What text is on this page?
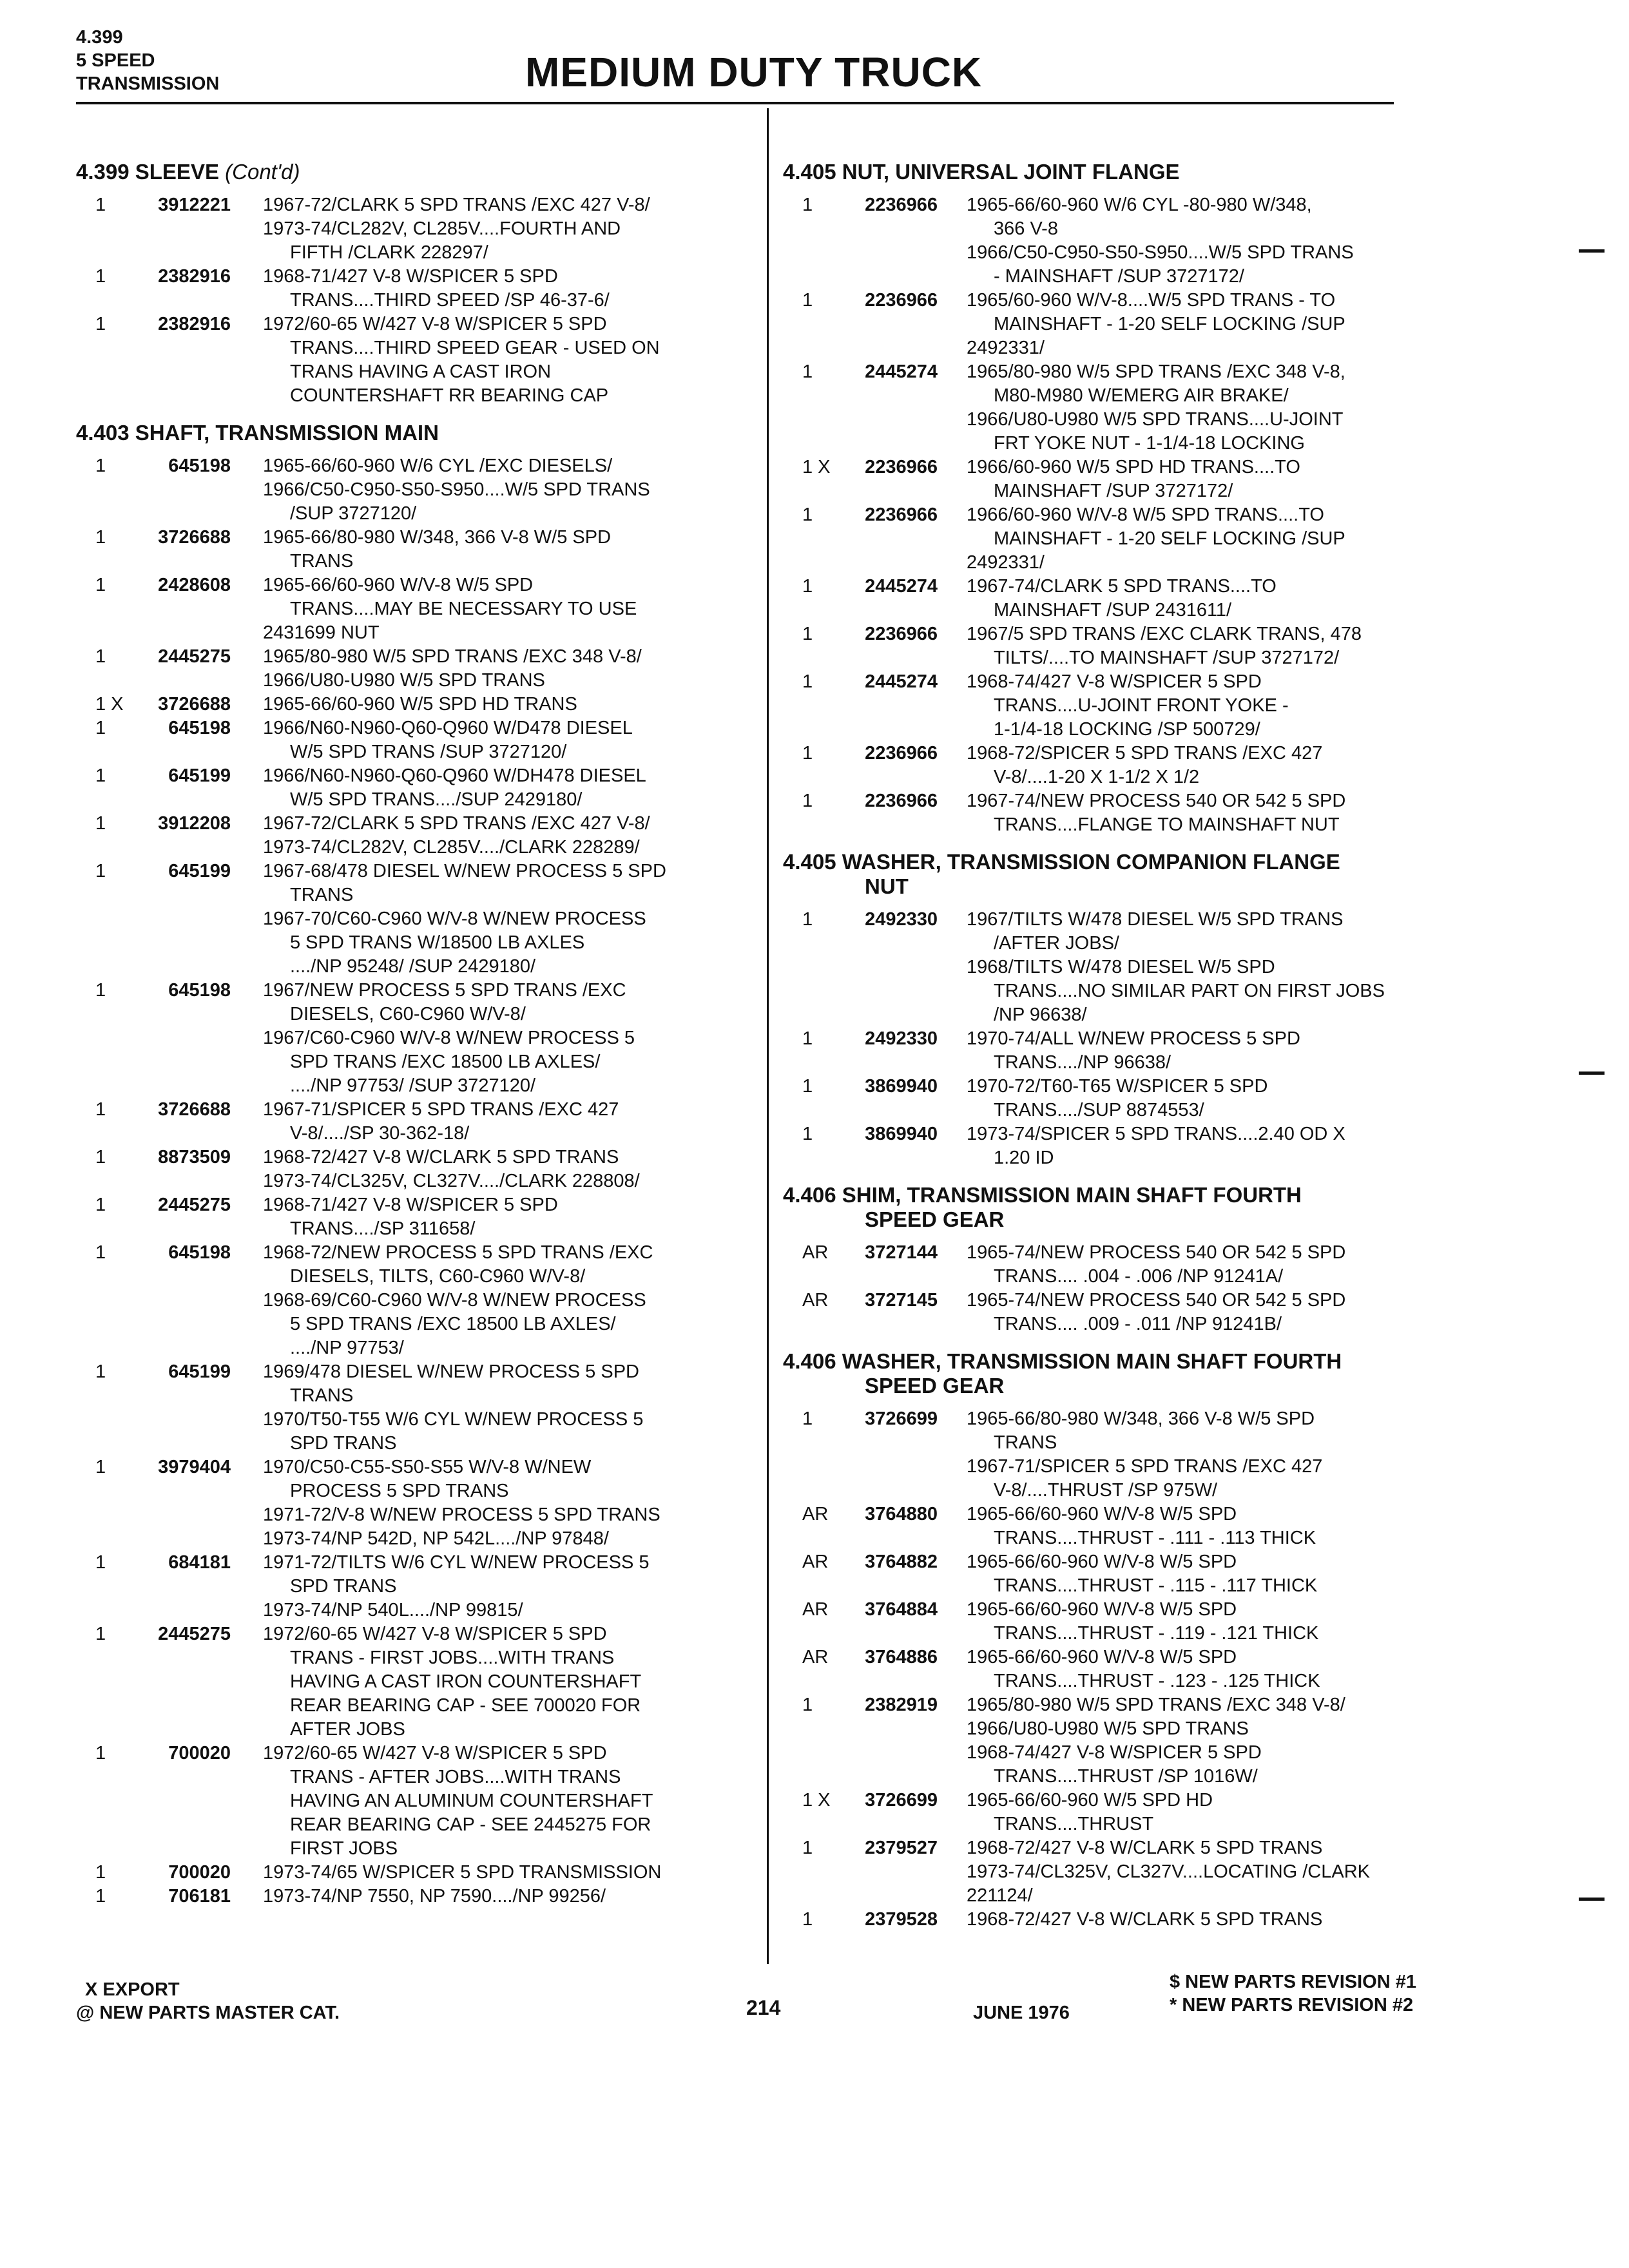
4.399
5 SPEED
TRANSMISSION	MEDIUM DUTY TRUCK
4.399 SLEEVE (Cont'd)
1	3912221 1967-72/CLARK 5 SPD TRANS /EXC 427 V-8/
1973-74/CL282V, CL285V....FOURTH AND
FIFTH /CLARK 228297/
1	2382916 1968-71/427 V-8 W/SPICER 5 SPD
TRANS....THIRD SPEED /SP 46-37-6/
1	2382916 1972/60-65 W/427 V-8 W/SPICER 5 SPD
TRANS....THIRD SPEED GEAR - USED ON
TRANS HAVING A CAST IRON
COUNTERSHAFT RR BEARING CAP
4.403 SHAFT, TRANSMISSION MAIN
1	645198 1965-66/60-960 W/6 CYL /EXC DIESELS/
1966/C50-C950-S50-S950....W/5 SPD TRANS
/SUP 3727120/
1	3726688 1965-66/80-980 W/348, 366 V-8 W/5 SPD
TRANS
1	2428608 1965-66/60-960 W/V-8 W/5 SPD
TRANS....MAY BE NECESSARY TO USE
2431699 NUT
1	2445275 1965/80-980 W/5 SPD TRANS /EXC 348 V-8/
1966/U80-U980 W/5 SPD TRANS
1 X	3726688 1965-66/60-960 W/5 SPD HD TRANS
1	645198 1966/N60-N960-Q60-Q960 W/D478 DIESEL
W/5 SPD TRANS /SUP 3727120/
1	645199 1966/N60-N960-Q60-Q960 W/DH478 DIESEL
W/5 SPD TRANS..../SUP 2429180/
1	3912208 1967-72/CLARK 5 SPD TRANS /EXC 427 V-8/
1973-74/CL282V, CL285V..../CLARK 228289/
1	645199 1967-68/478 DIESEL W/NEW PROCESS 5 SPD
TRANS
1967-70/C60-C960 W/V-8 W/NEW PROCESS
5 SPD TRANS W/18500 LB AXLES
..../NP 95248/ /SUP 2429180/
1	645198 1967/NEW PROCESS 5 SPD TRANS /EXC
DIESELS, C60-C960 W/V-8/
1967/C60-C960 W/V-8 W/NEW PROCESS 5
SPD TRANS /EXC 18500 LB AXLES/
..../NP 97753/ /SUP 3727120/
1	3726688 1967-71/SPICER 5 SPD TRANS /EXC 427
V-8/..../SP 30-362-18/
1	8873509 1968-72/427 V-8 W/CLARK 5 SPD TRANS
1973-74/CL325V, CL327V..../CLARK 228808/
1	2445275 1968-71/427 V-8 W/SPICER 5 SPD
TRANS..../SP 311658/
1	645198 1968-72/NEW PROCESS 5 SPD TRANS /EXC
DIESELS, TILTS, C60-C960 W/V-8/
1968-69/C60-C960 W/V-8 W/NEW PROCESS
5 SPD TRANS /EXC 18500 LB AXLES/
..../NP 97753/
1	645199 1969/478 DIESEL W/NEW PROCESS 5 SPD
TRANS
1970/T50-T55 W/6 CYL W/NEW PROCESS 5
SPD TRANS
1	3979404 1970/C50-C55-S50-S55 W/V-8 W/NEW
PROCESS 5 SPD TRANS
1971-72/V-8 W/NEW PROCESS 5 SPD TRANS
1973-74/NP 542D, NP 542L..../NP 97848/
1	684181 1971-72/TILTS W/6 CYL W/NEW PROCESS 5
SPD TRANS
1973-74/NP 540L..../NP 99815/
1	2445275 1972/60-65 W/427 V-8 W/SPICER 5 SPD
TRANS - FIRST JOBS....WITH TRANS
HAVING A CAST IRON COUNTERSHAFT
REAR BEARING CAP - SEE 700020 FOR
AFTER JOBS
1	700020 1972/60-65 W/427 V-8 W/SPICER 5 SPD
TRANS - AFTER JOBS....WITH TRANS
HAVING AN ALUMINUM COUNTERSHAFT
REAR BEARING CAP - SEE 2445275 FOR
FIRST JOBS
1	700020 1973-74/65 W/SPICER 5 SPD TRANSMISSION
1	706181 1973-74/NP 7550, NP 7590..../NP 99256/
4.405 NUT, UNIVERSAL JOINT FLANGE
1	2236966 1965-66/60-960 W/6 CYL -80-980 W/348,
366 V-8
1966/C50-C950-S50-S950....W/5 SPD TRANS
- MAINSHAFT /SUP 3727172/
1	2236966 1965/60-960 W/V-8....W/5 SPD TRANS - TO
MAINSHAFT - 1-20 SELF LOCKING /SUP
2492331/
1	2445274 1965/80-980 W/5 SPD TRANS /EXC 348 V-8,
M80-M980 W/EMERG AIR BRAKE/
1966/U80-U980 W/5 SPD TRANS....U-JOINT
FRT YOKE NUT - 1-1/4-18 LOCKING
1 X	2236966 1966/60-960 W/5 SPD HD TRANS....TO
MAINSHAFT /SUP 3727172/
1	2236966 1966/60-960 W/V-8 W/5 SPD TRANS....TO
MAINSHAFT - 1-20 SELF LOCKING /SUP
2492331/
1	2445274 1967-74/CLARK 5 SPD TRANS....TO
MAINSHAFT /SUP 2431611/
1	2236966 1967/5 SPD TRANS /EXC CLARK TRANS, 478
TILTS/....TO MAINSHAFT /SUP 3727172/
1	2445274 1968-74/427 V-8 W/SPICER 5 SPD
TRANS....U-JOINT FRONT YOKE -
1-1/4-18 LOCKING /SP 500729/
1	2236966 1968-72/SPICER 5 SPD TRANS /EXC 427
V-8/....1-20 X 1-1/2 X 1/2
1	2236966 1967-74/NEW PROCESS 540 OR 542 5 SPD
TRANS....FLANGE TO MAINSHAFT NUT
4.405 WASHER, TRANSMISSION COMPANION FLANGE
NUT
1	2492330 1967/TILTS W/478 DIESEL W/5 SPD TRANS
/AFTER JOBS/
1968/TILTS W/478 DIESEL W/5 SPD
TRANS....NO SIMILAR PART ON FIRST JOBS
/NP 96638/
1	2492330 1970-74/ALL W/NEW PROCESS 5 SPD
TRANS..../NP 96638/
1	3869940 1970-72/T60-T65 W/SPICER 5 SPD
TRANS..../SUP 8874553/
1	3869940 1973-74/SPICER 5 SPD TRANS....2.40 OD X
1.20 ID
4.406 SHIM, TRANSMISSION MAIN SHAFT FOURTH
SPEED GEAR
AR	3727144 1965-74/NEW PROCESS 540 OR 542 5 SPD
TRANS.... .004 - .006 /NP 91241A/
AR	3727145 1965-74/NEW PROCESS 540 OR 542 5 SPD
TRANS.... .009 - .011 /NP 91241B/
4.406 WASHER, TRANSMISSION MAIN SHAFT FOURTH
SPEED GEAR
1	3726699 1965-66/80-980 W/348, 366 V-8 W/5 SPD
TRANS
1967-71/SPICER 5 SPD TRANS /EXC 427
V-8/....THRUST /SP 975W/
AR	3764880 1965-66/60-960 W/V-8 W/5 SPD
TRANS....THRUST - .111 - .113 THICK
AR	3764882 1965-66/60-960 W/V-8 W/5 SPD
TRANS....THRUST - .115 - .117 THICK
AR	3764884 1965-66/60-960 W/V-8 W/5 SPD
TRANS....THRUST - .119 - .121 THICK
AR	3764886 1965-66/60-960 W/V-8 W/5 SPD
TRANS....THRUST - .123 - .125 THICK
1	2382919 1965/80-980 W/5 SPD TRANS /EXC 348 V-8/
1966/U80-U980 W/5 SPD TRANS
1968-74/427 V-8 W/SPICER 5 SPD
TRANS....THRUST /SP 1016W/
1 X	3726699 1965-66/60-960 W/5 SPD HD
TRANS....THRUST
1	2379527 1968-72/427 V-8 W/CLARK 5 SPD TRANS
1973-74/CL325V, CL327V....LOCATING /CLARK
221124/
1	2379528 1968-72/427 V-8 W/CLARK 5 SPD TRANS
X EXPORT
@ NEW PARTS MASTER CAT.	214	JUNE 1976
$ NEW PARTS REVISION #1
* NEW PARTS REVISION #2
